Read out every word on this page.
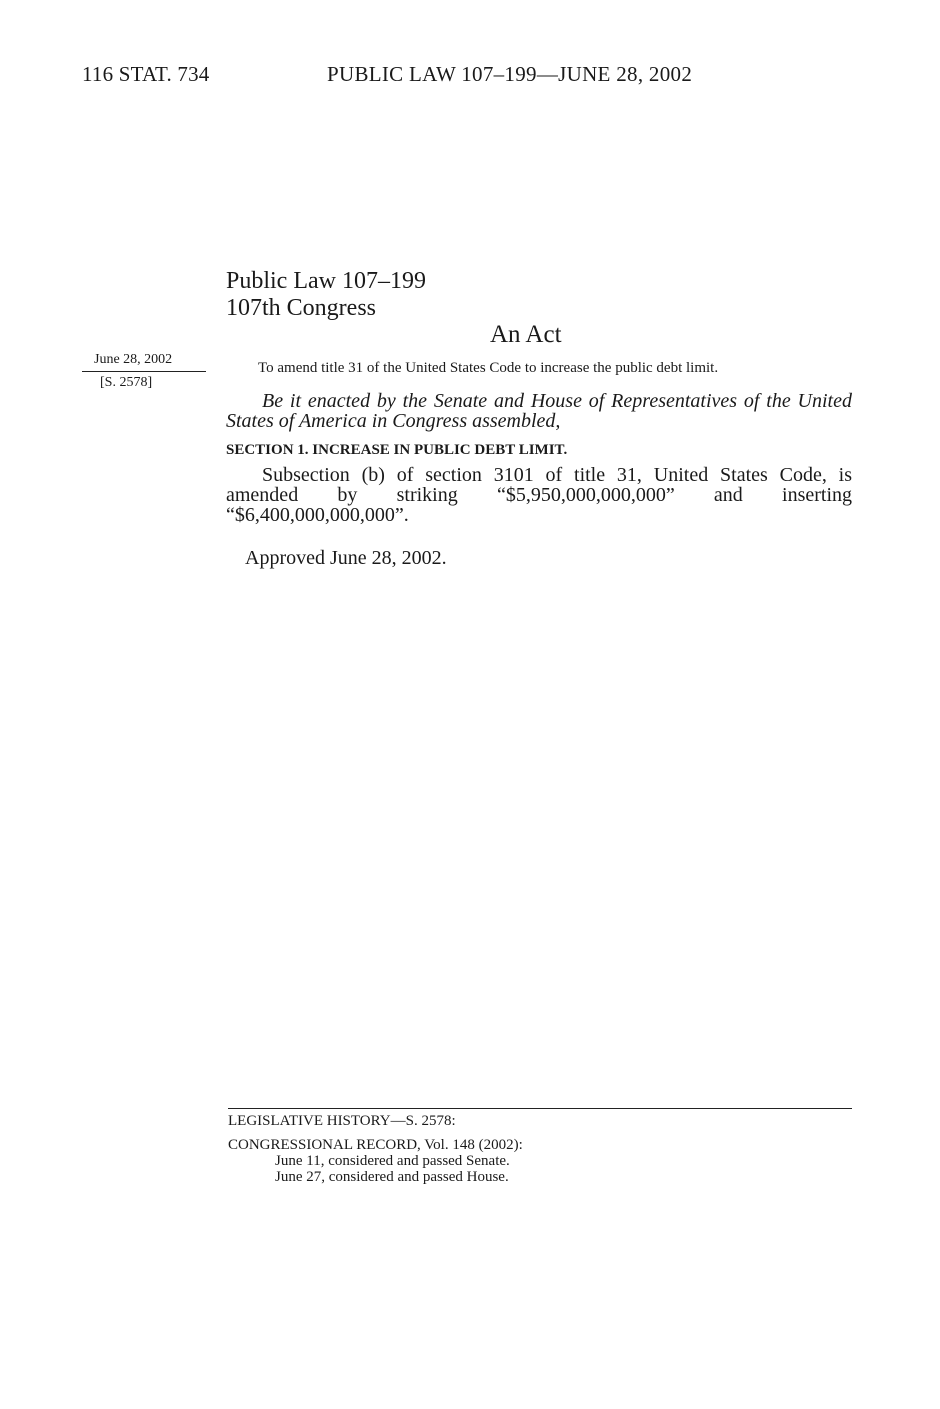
116 STAT. 734	PUBLIC LAW 107–199—JUNE 28, 2002
Public Law 107–199
107th Congress
An Act
June 28, 2002
[S. 2578]
To amend title 31 of the United States Code to increase the public debt limit.
Be it enacted by the Senate and House of Representatives of the United States of America in Congress assembled,
SECTION 1. INCREASE IN PUBLIC DEBT LIMIT.
Subsection (b) of section 3101 of title 31, United States Code, is amended by striking “$5,950,000,000,000” and inserting “$6,400,000,000,000”.
Approved June 28, 2002.
LEGISLATIVE HISTORY—S. 2578:
CONGRESSIONAL RECORD, Vol. 148 (2002):
June 11, considered and passed Senate.
June 27, considered and passed House.
